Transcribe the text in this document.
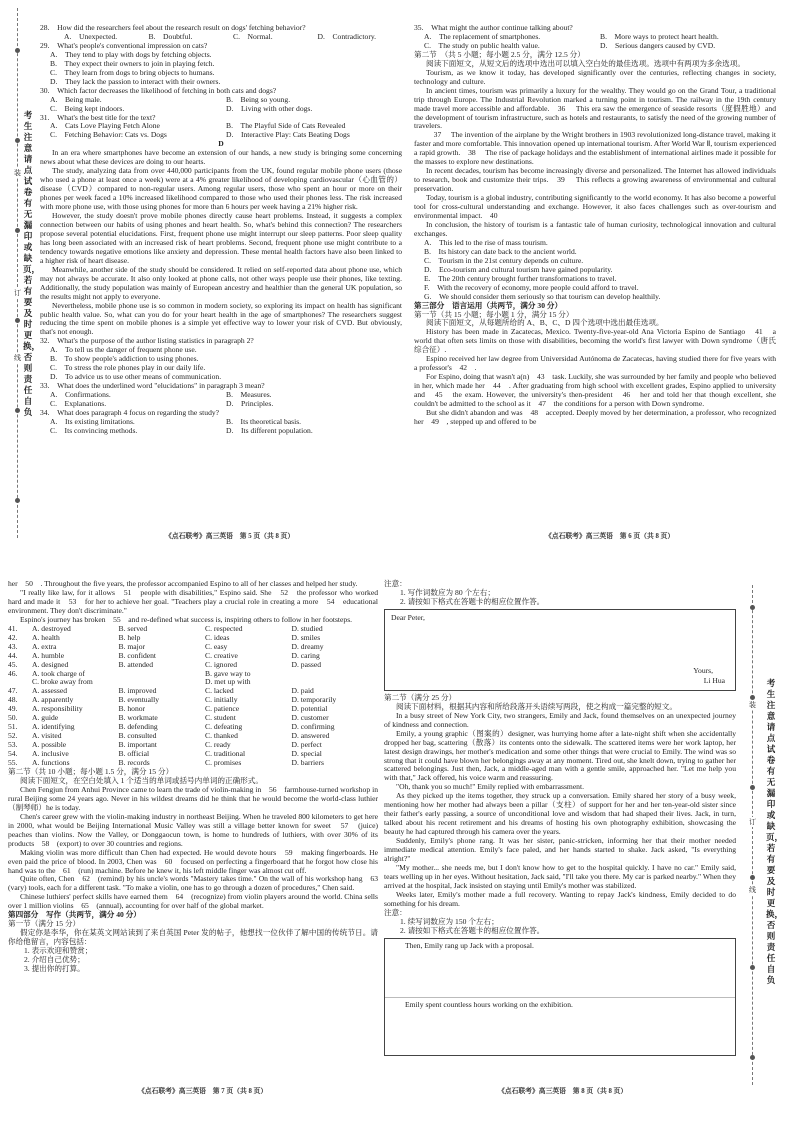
28.　How did the researchers feel about the research result on dogs' fetching behavior?
A.　Unexpected.	B.　Doubtful.	C.　Normal.	D.　Contradictory.
29.　What's people's conventional impression on cats?
A.　They tend to play with dogs by fetching objects.
B.　They expect their owners to join in playing fetch.
C.　They learn from dogs to bring objects to humans.
D.　They lack the passion to interact with their owners.
30.　Which factor decreases the likelihood of fetching in both cats and dogs?
A.　Being male.	B.　Being so young.
C.　Being kept indoors.	D.　Living with other dogs.
31.　What's the best title for the text?
A.　Cats Love Playing Fetch Alone	B.　The Playful Side of Cats Revealed
C.　Fetching Behavior: Cats vs. Dogs	D.　Interactive Play: Cats Beating Dogs
D
In an era where smartphones have become an extension of our hands, a new study is bringing some concerning news about what these devices are doing to our hearts.
The study, analyzing data from over 440,000 participants from the UK, found regular mobile phone users (those who used a phone at least once a week) were at a 4% greater likelihood of developing cardiovascular（心血管的）disease（CVD）compared to non-regular users. Among regular users, those who spent an hour or more on their phones per week faced a 10% increased likelihood compared to those who used their phones less. The risk increased with more phone use, with those using phones for more than 6 hours per week having a 21% higher risk.
However, the study doesn't prove mobile phones directly cause heart problems. Instead, it suggests a complex connection between our habits of using phones and heart health. So, what's behind this connection? The researchers propose several potential elucidations. First, frequent phone use might interrupt our sleep patterns. Poor sleep quality has long been associated with an increased risk of heart problems. Second, frequent phone use might contribute to a tendency towards negative emotions like anxiety and depression. These mental health factors have also been linked to a higher risk of heart disease.
Meanwhile, another side of the study should be considered. It relied on self-reported data about phone use, which may not always be accurate. It also only looked at phone calls, not other ways people use their phones, like texting. Additionally, the study population was mainly of European ancestry and healthier than the general UK population, so the results might not apply to everyone.
Nevertheless, mobile phone use is so common in modern society, so exploring its impact on health has significant public health value. So, what can you do for your heart health in the age of smartphones? The researchers suggest reducing the time spent on mobile phones is a simple yet effective way to lower your risk of CVD. But obviously, that's not enough.
32.　What's the purpose of the author listing statistics in paragraph 2?
A.　To tell us the danger of frequent phone use.
B.　To show people's addiction to using phones.
C.　To stress the role phones play in our daily life.
D.　To advice us to use other means of communication.
33.　What does the underlined word "elucidations" in paragraph 3 mean?
A.　Confirmations.	B.　Measures.
C.　Explanations.	D.　Principles.
34.　What does paragraph 4 focus on regarding the study?
A.　Its existing limitations.	B.　Its theoretical basis.
C.　Its convincing methods.	D.　Its different population.
《点石联考》高三英语　第 5 页（共 8 页）
35.　What might the author continue talking about?
A.　The replacement of smartphones.	B.　More ways to protect heart health.
C.　The study on public health value.	D.　Serious dangers caused by CVD.
第二节　（共 5 小题；每小题 2.5 分，满分 12.5 分）
阅读下面短文，从短文后的选项中选出可以填入空白处的最佳选项。选项中有两项为多余选项。
Tourism, as we know it today, has developed significantly over the centuries, reflecting changes in society, technology and culture.
In ancient times, tourism was primarily a luxury for the wealthy. They would go on the Grand Tour, a traditional trip through Europe. The Industrial Revolution marked a turning point in tourism. The railway in the 19th century made travel more accessible and affordable.　36　 This era saw the emergence of seaside resorts（度假胜地）and the development of tourism infrastructure, such as hotels and restaurants, to satisfy the need of the growing number of travelers.
　37　 The invention of the airplane by the Wright brothers in 1903 revolutionized long-distance travel, making it faster and more comfortable. This innovation opened up international tourism. After World War Ⅱ, tourism experienced a rapid growth.　38　 The rise of package holidays and the establishment of international airlines made it possible for the masses to explore new destinations.
In recent decades, tourism has become increasingly diverse and personalized. The Internet has allowed individuals to research, book and customize their trips.　39　 This reflects a growing awareness of environmental and cultural preservation.
Today, tourism is a global industry, contributing significantly to the world economy. It has also become a powerful tool for cross-cultural understanding and exchange. However, it also faces challenges such as over-tourism and environmental impact.　40
In conclusion, the history of tourism is a fantastic tale of human curiosity, technological innovation and cultural exchanges.
A.　This led to the rise of mass tourism.
B.　Its history can date back to the ancient world.
C.　Tourism in the 21st century depends on culture.
D.　Eco-tourism and cultural tourism have gained popularity.
E.　The 20th century brought further transformations to travel.
F.　With the recovery of economy, more people could afford to travel.
G.　We should consider them seriously so that tourism can develop healthily.
第三部分　语言运用（共两节，满分 30 分）
第一节（共 15 小题；每小题 1 分，满分 15 分）
阅读下面短文，从每题所给的 A、B、C、D 四个选项中选出最佳选项。
History has been made in Zacatecas, Mexico. Twenty-five-year-old Ana Victoria Espino de Santiago　41　a world that often sets limits on those with disabilities, becoming the world's first lawyer with Down syndrome（唐氏综合征）.
Espino received her law degree from Universidad Autónoma de Zacatecas, having studied there for five years with a professor's　42　.
For Espino, doing that wasn't a(n)　43　task. Luckily, she was surrounded by her family and people who believed in her, which made her　44　. After graduating from high school with excellent grades, Espino applied to university and　45　the exam. However, the university's then-president　46　her and told her that though excellent, she couldn't be admitted to the school as it　47　the conditions for a person with Down syndrome.
But she didn't abandon and was　48　accepted. Deeply moved by her determination, a professor, who recognized her　49　, stepped up and offered to be
《点石联考》高三英语　第 6 页（共 8 页）
her　50　. Throughout the five years, the professor accompanied Espino to all of her classes and helped her study.
"I really like law, for it allows　51　people with disabilities," Espino said. She　52　the professor who worked hard and made it　53　for her to achieve her goal. "Teachers play a crucial role in creating a more　54　educational environment. They don't discriminate."
Espino's journey has broken　55　and re-defined what success is, inspiring others to follow in her footsteps.
41.	A. destroyed	B. served	C. respected	D. studied
42.	A. health	B. help	C. ideas	D. smiles
43.	A. extra	B. major	C. easy	D. dreamy
44.	A. humble	B. confident	C. creative	D. caring
45.	A. designed	B. attended	C. ignored	D. passed
46.	A. took charge of	B. gave way to
C. broke away from	D. met up with
47.	A. assessed	B. improved	C. lacked	D. paid
48.	A. apparently	B. eventually	C. initially	D. temporarily
49.	A. responsibility	B. honor	C. patience	D. potential
50.	A. guide	B. workmate	C. student	D. customer
51.	A. identifying	B. defending	C. defeating	D. confirming
52.	A. visited	B. consulted	C. thanked	D. answered
53.	A. possible	B. important	C. ready	D. perfect
54.	A. inclusive	B. official	C. traditional	D. special
55.	A. functions	B. records	C. promises	D. barriers
第二节（共 10 小题；每小题 1.5 分，满分 15 分）
阅读下面短文，在空白处填入 1 个适当的单词或括号内单词的正确形式。
Chen Fengjun from Anhui Province came to learn the trade of violin-making in　56　farmhouse-turned workshop in rural Beijing some 24 years ago. Never in his wildest dreams did he think that he would become the world-class luthier（制琴师）he is today.
Chen's career grew with the violin-making industry in northeast Beijing. When he traveled 800 kilometers to get here in 2000, what would be Beijing International Music Valley was still a village better known for sweet　57　(juice) peaches than violins. Now the Valley, or Donggaocun town, is home to hundreds of luthiers, with over 30% of its products　58　(export) to over 30 countries and regions.
Making violin was more difficult than Chen had expected. He would devote hours　59　making fingerboards. He even paid the price of blood. In 2003, Chen was　60　focused on perfecting a fingerboard that he forgot how close his hand was to the　61　(run) machine. Before he knew it, his left middle finger was almost cut off.
Quite often, Chen　62　(remind) by his uncle's words "Mastery takes time." On the wall of his workshop hang　63　(vary) tools, each for a different task. "To make a violin, one has to go through a dozen of procedures," Chen said.
Chinese luthiers' perfect skills have earned them　64　(recognize) from violin players around the world. China sells over 1 million violins　65　(annual), accounting for over half of the global market.
第四部分　写作（共两节，满分 40 分）
第一节（满分 15 分）
假定你是李华，你在某英文网站读到了来自英国 Peter 发的帖子，他想找一位伙伴了解中国的传统节日。请你给他留言，内容包括：
1. 表示欢迎和赞赏；
2. 介绍自己优势；
3. 提出你的打算。
《点石联考》高三英语　第 7 页（共 8 页）
注意：
1. 写作词数应为 80 个左右；
2. 请按如下格式在答题卡的相应位置作答。
Dear Peter,
Yours,
Li Hua
第二节（满分 25 分）
阅读下面材料，根据其内容和所给段落开头语续写两段，使之构成一篇完整的短文。
In a busy street of New York City, two strangers, Emily and Jack, found themselves on an unexpected journey of kindness and connection.
Emily, a young graphic（图案的）designer, was hurrying home after a late-night shift when she accidentally dropped her bag, scattering（散落）its contents onto the sidewalk. The scattered items were her work laptop, her latest design drawings, her mother's medication and some other things that were crucial to Emily. The wind was so strong that it could have blown her belongings away at any moment. Tired out, she knelt down, trying to gather her scattered belongings. Just then, Jack, a middle-aged man with a gentle smile, approached her. "Let me help you with that," Jack offered, his voice warm and reassuring.
"Oh, thank you so much!" Emily replied with embarrassment.
As they picked up the items together, they struck up a conversation. Emily shared her story of a busy week, mentioning how her mother had always been a pillar（支柱）of support for her and her ten-year-old sister since their father's early passing, a source of unconditional love and wisdom that had shaped their lives. Jack, in turn, talked about his recent retirement and his dreams of hosting his own photography exhibition, showcasing the beauty he had captured through his camera over the years.
Suddenly, Emily's phone rang. It was her sister, panic-stricken, informing her that their mother needed immediate medical attention. Emily's face paled, and her hands started to shake. Jack asked, "Is everything alright?"
"My mother... she needs me, but I don't know how to get to the hospital quickly. I have no car." Emily said, tears welling up in her eyes. Without hesitation, Jack said, "I'll take you there. My car is parked nearby." When they arrived at the hospital, Jack insisted on staying until Emily's mother was stabilized.
Weeks later, Emily's mother made a full recovery. Wanting to repay Jack's kindness, Emily decided to do something for his dream.
注意：
1. 续写词数应为 150 个左右；
2. 请按如下格式在答题卡的相应位置作答。
Then, Emily rang up Jack with a proposal.
Emily spent countless hours working on the exhibition.
《点石联考》高三英语　第 8 页（共 8 页）
装
订
线
考生注意请点试卷有无漏印或缺页，若有要及时更换，否则责任自负
装
订
线
考生注意请点试卷有无漏印或缺页，若有要及时更换，否则责任自负
